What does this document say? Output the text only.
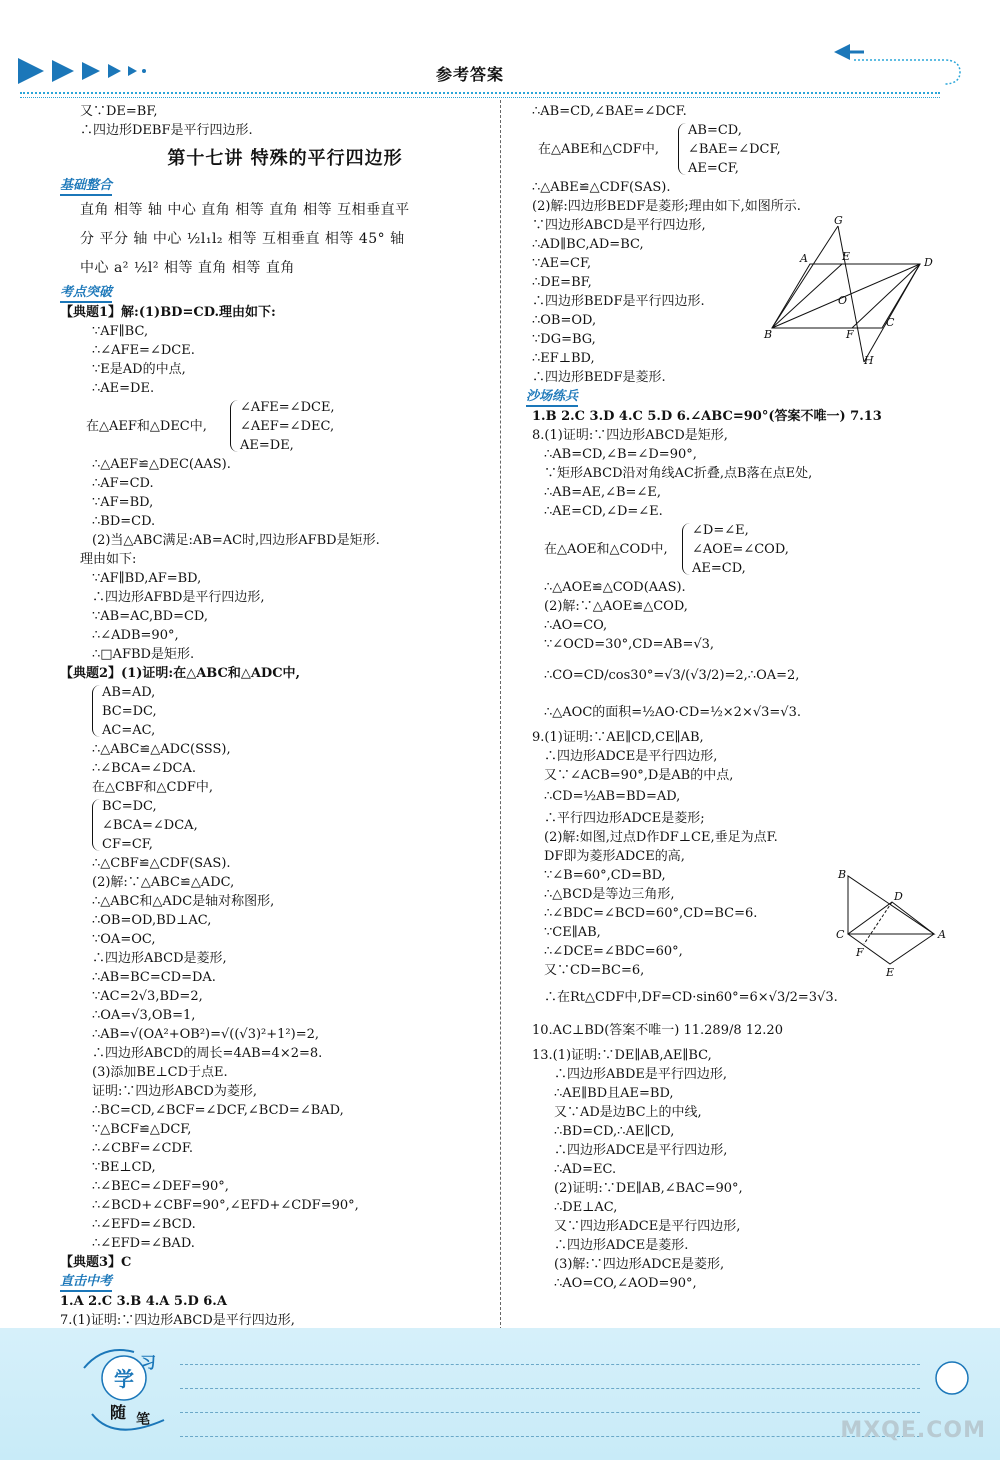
参考答案
又∵DE=BF,
∴四边形DEBF是平行四边形.
第十七讲 特殊的平行四边形
基础整合
直角 相等 轴 中心 直角 相等 直角 相等 互相垂直平
分 平分 轴 中心 ½l₁l₂ 相等 互相垂直 相等 45° 轴
中心 a² ½l² 相等 直角 相等 直角
考点突破
【典题1】解:(1)BD=CD.理由如下:
∵AF∥BC,
∴∠AFE=∠DCE.
∵E是AD的中点,
∴AE=DE.
在△AEF和△DEC中,
∠AFE=∠DCE,
∠AEF=∠DEC,
AE=DE,
∴△AEF≌△DEC(AAS).
∴AF=CD.
∵AF=BD,
∴BD=CD.
(2)当△ABC满足:AB=AC时,四边形AFBD是矩形.
理由如下:
∵AF∥BD,AF=BD,
∴四边形AFBD是平行四边形,
∵AB=AC,BD=CD,
∴∠ADB=90°,
∴□AFBD是矩形.
【典题2】(1)证明:在△ABC和△ADC中,
AB=AD,
BC=DC,
AC=AC,
∴△ABC≌△ADC(SSS),
∴∠BCA=∠DCA.
在△CBF和△CDF中,
BC=DC,
∠BCA=∠DCA,
CF=CF,
∴△CBF≌△CDF(SAS).
(2)解:∵△ABC≌△ADC,
∴△ABC和△ADC是轴对称图形,
∴OB=OD,BD⊥AC,
∵OA=OC,
∴四边形ABCD是菱形,
∴AB=BC=CD=DA.
∵AC=2√3,BD=2,
∴OA=√3,OB=1,
∴AB=√(OA²+OB²)=√((√3)²+1²)=2,
∴四边形ABCD的周长=4AB=4×2=8.
(3)添加BE⊥CD于点E.
证明:∵四边形ABCD为菱形,
∴BC=CD,∠BCF=∠DCF,∠BCD=∠BAD,
∵△BCF≌△DCF,
∴∠CBF=∠CDF.
∵BE⊥CD,
∴∠BEC=∠DEF=90°,
∴∠BCD+∠CBF=90°,∠EFD+∠CDF=90°,
∴∠EFD=∠BCD.
∴∠EFD=∠BAD.
【典题3】C
直击中考
1.A 2.C 3.B 4.A 5.D 6.A
7.(1)证明:∵四边形ABCD是平行四边形,
∴AB=CD,∠BAE=∠DCF.
在△ABE和△CDF中,
AB=CD,
∠BAE=∠DCF,
AE=CF,
∴△ABE≌△CDF(SAS).
(2)解:四边形BEDF是菱形;理由如下,如图所示.
∵四边形ABCD是平行四边形,
∴AD∥BC,AD=BC,
∵AE=CF,
∴DE=BF,
∴四边形BEDF是平行四边形.
∴OB=OD,
∵DG=BG,
∴EF⊥BD,
∴四边形BEDF是菱形.
沙场练兵
1.B 2.C 3.D 4.C 5.D 6.∠ABC=90°(答案不唯一) 7.13
8.(1)证明:∵四边形ABCD是矩形,
∴AB=CD,∠B=∠D=90°,
∵矩形ABCD沿对角线AC折叠,点B落在点E处,
∴AB=AE,∠B=∠E,
∴AE=CD,∠D=∠E.
在△AOE和△COD中,
∠D=∠E,
∠AOE=∠COD,
AE=CD,
∴△AOE≌△COD(AAS).
(2)解:∵△AOE≌△COD,
∴AO=CO,
∵∠OCD=30°,CD=AB=√3,
∴CO=CD/cos30°=√3/(√3/2)=2,∴OA=2,
∴△AOC的面积=½AO·CD=½×2×√3=√3.
9.(1)证明:∵AE∥CD,CE∥AB,
∴四边形ADCE是平行四边形,
又∵∠ACB=90°,D是AB的中点,
∴CD=½AB=BD=AD,
∴平行四边形ADCE是菱形;
(2)解:如图,过点D作DF⊥CE,垂足为点F.
DF即为菱形ADCE的高,
∵∠B=60°,CD=BD,
∴△BCD是等边三角形,
∴∠BDC=∠BCD=60°,CD=BC=6.
∵CE∥AB,
∴∠DCE=∠BDC=60°,
又∵CD=BC=6,
∴在Rt△CDF中,DF=CD·sin60°=6×√3/2=3√3.
10.AC⊥BD(答案不唯一) 11.289/8 12.20
13.(1)证明:∵DE∥AB,AE∥BC,
∴四边形ABDE是平行四边形,
∴AE∥BD且AE=BD,
又∵AD是边BC上的中线,
∴BD=CD,∴AE∥CD,
∴四边形ADCE是平行四边形,
∴AD=EC.
(2)证明:∵DE∥AB,∠BAC=90°,
∴DE⊥AC,
又∵四边形ADCE是平行四边形,
∴四边形ADCE是菱形.
(3)解:∵四边形ADCE是菱形,
∴AO=CO,∠AOD=90°,
G
A	E	D
O
B	F
C
H
B
D
C	A
F
E
学
习
随 笔	MXQE.COM
